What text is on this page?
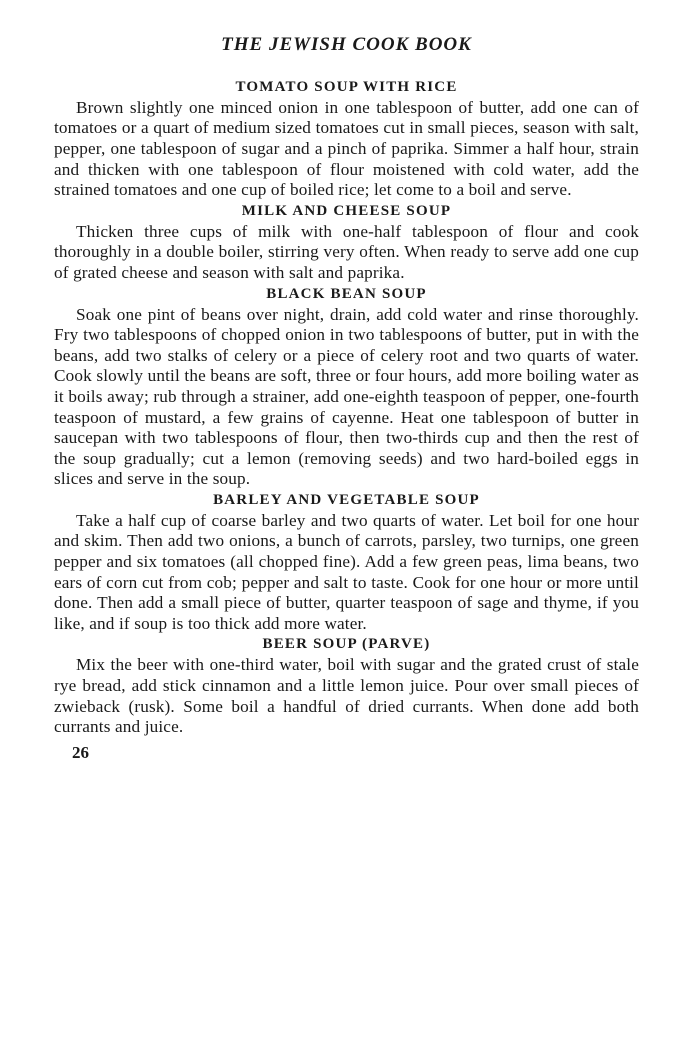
THE JEWISH COOK BOOK
TOMATO SOUP WITH RICE

Brown slightly one minced onion in one tablespoon of butter, add one can of tomatoes or a quart of medium sized tomatoes cut in small pieces, season with salt, pepper, one tablespoon of sugar and a pinch of paprika. Simmer a half hour, strain and thicken with one tablespoon of flour moistened with cold water, add the strained tomatoes and one cup of boiled rice; let come to a boil and serve.

MILK AND CHEESE SOUP

Thicken three cups of milk with one-half tablespoon of flour and cook thoroughly in a double boiler, stirring very often. When ready to serve add one cup of grated cheese and season with salt and paprika.

BLACK BEAN SOUP

Soak one pint of beans over night, drain, add cold water and rinse thoroughly. Fry two tablespoons of chopped onion in two tablespoons of butter, put in with the beans, add two stalks of celery or a piece of celery root and two quarts of water. Cook slowly until the beans are soft, three or four hours, add more boiling water as it boils away; rub through a strainer, add one-eighth teaspoon of pepper, one-fourth teaspoon of mustard, a few grains of cayenne. Heat one tablespoon of butter in saucepan with two tablespoons of flour, then two-thirds cup and then the rest of the soup gradually; cut a lemon (removing seeds) and two hard-boiled eggs in slices and serve in the soup.

BARLEY AND VEGETABLE SOUP

Take a half cup of coarse barley and two quarts of water. Let boil for one hour and skim. Then add two onions, a bunch of carrots, parsley, two turnips, one green pepper and six tomatoes (all chopped fine). Add a few green peas, lima beans, two ears of corn cut from cob; pepper and salt to taste. Cook for one hour or more until done. Then add a small piece of butter, quarter teaspoon of sage and thyme, if you like, and if soup is too thick add more water.

BEER SOUP (PARVE)

Mix the beer with one-third water, boil with sugar and the grated crust of stale rye bread, add stick cinnamon and a little lemon juice. Pour over small pieces of zwieback (rusk). Some boil a handful of dried currants. When done add both currants and juice.

26
